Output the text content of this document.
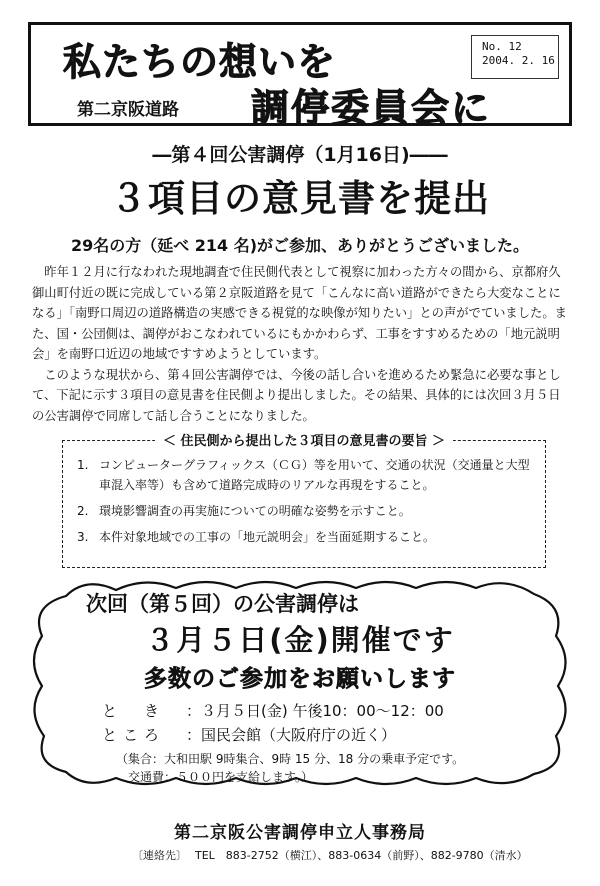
私たちの想いを
第二京阪道路 調停委員会に
No. 12
2004. 2. 16
―第４回公害調停（1月16日)――
３項目の意見書を提出
29名の方（延べ 214 名)がご参加、ありがとうございました。

昨年１２月に行なわれた現地調査で住民側代表として視察に加わった方々の間から、京都府久御山町付近の既に完成している第２京阪道路を見て「こんなに高い道路ができたら大変なことになる」「南野口周辺の道路構造の実感できる視覚的な映像が知りたい」との声がでていました。また、国・公団側は、調停がおこなわれているにもかかわらず、工事をすすめるための「地元説明会」を南野口近辺の地域ですすめようとしています。

このような現状から、第４回公害調停では、今後の話し合いを進めるため緊急に必要な事として、下記に示す３項目の意見書を住民側より提出しました。その結果、具体的には次回３月５日の公害調停で同席して話し合うことになりました。

＜ 住民側から提出した３項目の意見書の要旨 ＞
1. コンピューターグラフィックス（ＣＧ）等を用いて、交通の状況（交通量と大型車混入率等）も含めて道路完成時のリアルな再現をすること。
2. 環境影響調査の再実施についての明確な姿勢を示すこと。
3. 本件対象地域での工事の「地元説明会」を当面延期すること。
次回（第５回）の公害調停は
３月５日(金)開催です
多数のご参加をお願いします
と　き ：３月５日(金) 午後10：00～12：00
ところ ：国民会館（大阪府庁の近く）
（集合：大和田駅 9時集合、9時 15 分、18 分の乗車予定です。
交通費：５００円を支給します。）
第二京阪公害調停申立人事務局
〔連絡先〕 TEL　883-2752（横江）、883-0634（前野）、882-9780（清水）
